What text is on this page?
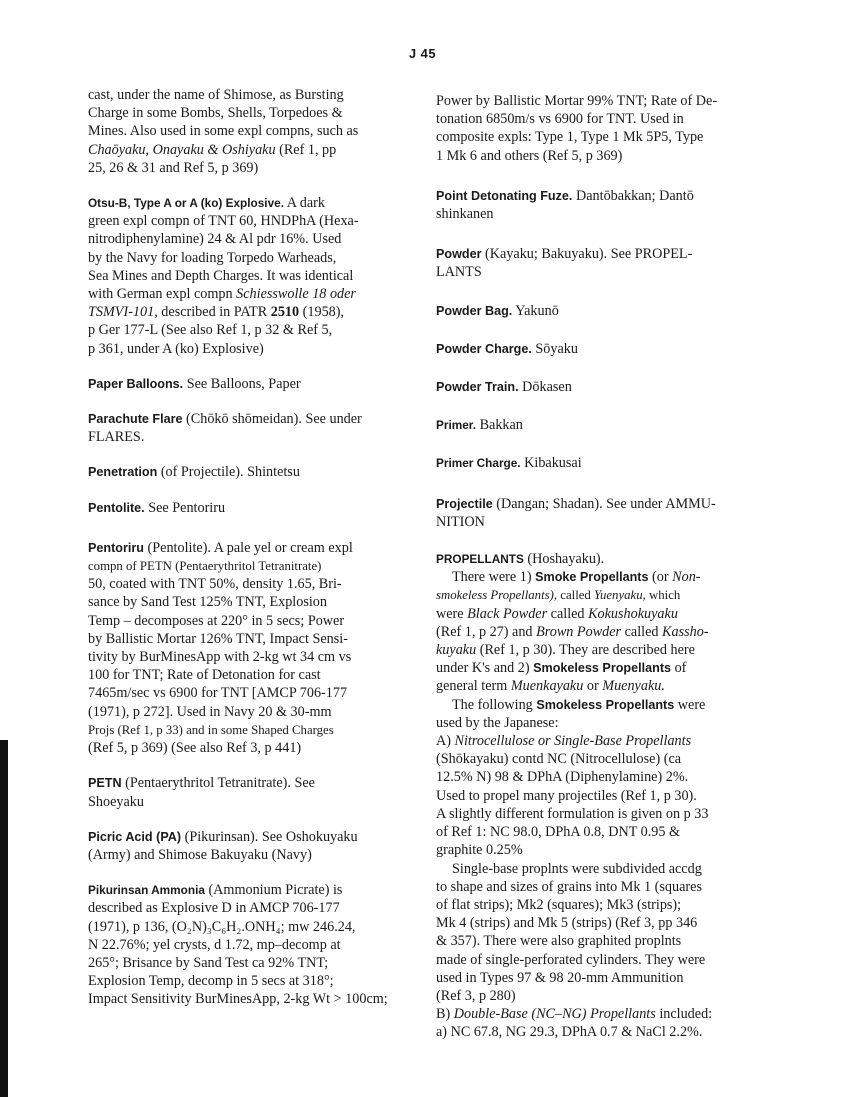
J 45
cast, under the name of Shimose, as Bursting
Charge in some Bombs, Shells, Torpedoes &
Mines. Also used in some expl compns, such as
Chaōyaku, Onayaku & Oshiyaku (Ref 1, pp
25, 26 & 31 and Ref 5, p 369)
Otsu-B, Type A or A (ko) Explosive. A dark
green expl compn of TNT 60, HNDPhA (Hexa-
nitrodiphenylamine) 24 & Al pdr 16%. Used
by the Navy for loading Torpedo Warheads,
Sea Mines and Depth Charges. It was identical
with German expl compn Schiesswolle 18 oder
TSMVI-101, described in PATR 2510 (1958),
p Ger 177-L (See also Ref 1, p 32 & Ref 5,
p 361, under A (ko) Explosive)
Paper Balloons. See Balloons, Paper
Parachute Flare (Chōkō shōmeidan). See under
FLARES.
Penetration (of Projectile). Shintetsu
Pentolite. See Pentoriru
Pentoriru (Pentolite). A pale yel or cream expl
compn of PETN (Pentaerythritol Tetranitrate)
50, coated with TNT 50%, density 1.65, Bri-
sance by Sand Test 125% TNT, Explosion
Temp – decomposes at 220° in 5 secs; Power
by Ballistic Mortar 126% TNT, Impact Sensi-
tivity by BurMinesApp with 2-kg wt 34 cm vs
100 for TNT; Rate of Detonation for cast
7465m/sec vs 6900 for TNT [AMCP 706-177
(1971), p 272]. Used in Navy 20 & 30-mm
Projs (Ref 1, p 33) and in some Shaped Charges
(Ref 5, p 369) (See also Ref 3, p 441)
PETN (Pentaerythritol Tetranitrate). See
Shoeyaku
Picric Acid (PA) (Pikurinsan). See Oshokuyaku
(Army) and Shimose Bakuyaku (Navy)
Pikurinsan Ammonia (Ammonium Picrate) is
described as Explosive D in AMCP 706-177
(1971), p 136, (O₂N)₃C₆H₂.ONH₄; mw 246.24,
N 22.76%; yel crysts, d 1.72, mp–decomp at
265°; Brisance by Sand Test ca 92% TNT;
Explosion Temp, decomp in 5 secs at 318°;
Impact Sensitivity BurMinesApp, 2-kg Wt > 100cm;
Power by Ballistic Mortar 99% TNT; Rate of De-
tonation 6850m/s vs 6900 for TNT. Used in
composite expls: Type 1, Type 1 Mk 5P5, Type
1 Mk 6 and others (Ref 5, p 369)
Point Detonating Fuze. Dantōbakkan; Dantō
shinkanen
Powder (Kayaku; Bakuyaku). See PROPEL-
LANTS
Powder Bag. Yakunō
Powder Charge. Sōyaku
Powder Train. Dōkasen
Primer. Bakkan
Primer Charge. Kibakusai
Projectile (Dangan; Shadan). See under AMMU-
NITION
PROPELLANTS (Hoshayaku).
There were 1) Smoke Propellants (or Non-
smokeless Propellants), called Yuenyaku, which
were Black Powder called Kokushokuyaku
(Ref 1, p 27) and Brown Powder called Kassho-
kuyaku (Ref 1, p 30). They are described here
under K's and 2) Smokeless Propellants of
general term Muenkayaku or Muenyaku.
The following Smokeless Propellants were
used by the Japanese:
A) Nitrocellulose or Single-Base Propellants
(Shōkayaku) contd NC (Nitrocellulose) (ca
12.5% N) 98 & DPhA (Diphenylamine) 2%.
Used to propel many projectiles (Ref 1, p 30).
A slightly different formulation is given on p 33
of Ref 1: NC 98.0, DPhA 0.8, DNT 0.95 &
graphite 0.25%
Single-base proplnts were subdivided accdg
to shape and sizes of grains into Mk 1 (squares
of flat strips); Mk2 (squares); Mk3 (strips);
Mk 4 (strips) and Mk 5 (strips) (Ref 3, pp 346
& 357). There were also graphited proplnts
made of single-perforated cylinders. They were
used in Types 97 & 98 20-mm Ammunition
(Ref 3, p 280)
B) Double-Base (NC–NG) Propellants included:
a) NC 67.8, NG 29.3, DPhA 0.7 & NaCl 2.2%.
